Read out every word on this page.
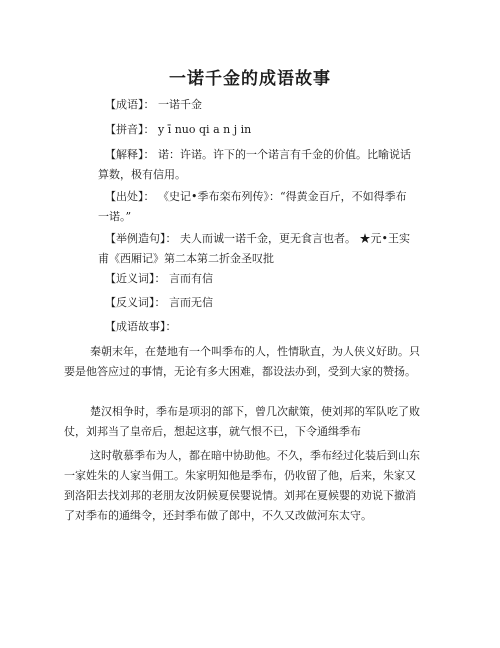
一诺千金的成语故事
【成语】： 一诺千金
【拼音】： y ī nuo qi a n j in
【解释】： 诺：许诺。许下的一个诺言有千金的价值。比喻说话算数，极有信用。
【出处】： 《史记•季布栾布列传》：“得黄金百斤，不如得季布一诺。”
【举例造句】： 夫人而诚一诺千金，更无食言也者。 ★元•王实甫《西厢记》第二本第二折金圣叹批
【近义词】： 言而有信
【反义词】： 言而无信
【成语故事】：
秦朝末年，在楚地有一个叫季布的人，性情耿直，为人侠义好助。只要是他答应过的事情，无论有多大困难，都设法办到，受到大家的赞扬。
楚汉相争时，季布是项羽的部下，曾几次献策，使刘邦的军队吃了败仗，刘邦当了皇帝后，想起这事，就气恨不已，下令通缉季布
这时敬慕季布为人，都在暗中协助他。不久，季布经过化装后到山东一家姓朱的人家当佣工。朱家明知他是季布，仍收留了他，后来，朱家又到洛阳去找刘邦的老朋友汝阴候夏侯婴说情。刘邦在夏候婴的劝说下撤消了对季布的通缉令，还封季布做了郎中，不久又改做河东太守。
